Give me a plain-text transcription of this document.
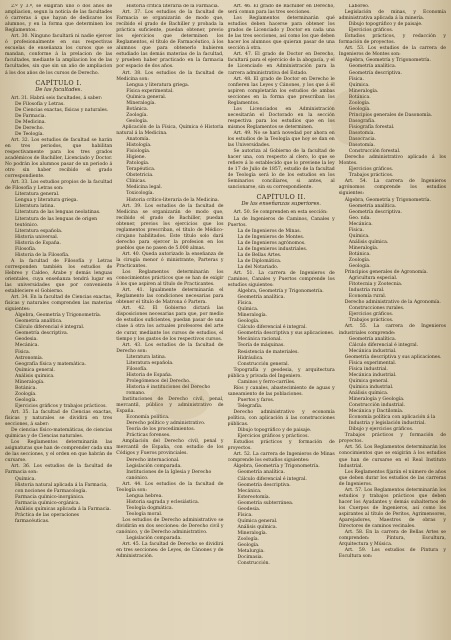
2.º y 3.º, se exigirán uno ó dos años de ampliacion, segun la noticia de las facultades ó carreras á que hayan de dedicarse los alumnos, y en la forma que determinen los Reglamentos.

Art. 30. Ninguno facultará ni nadie ejercer ó profesionalmente en sus respectivas escuelas de enseñanza los cursos que se mandan, conforme á la prelacion de las facultades, mediante la ampliacion los de las facultades, sin que sin un año de ampliacion á los dos años de los cursos de Derecho.

CAPÍTULO I.

De las facultades.

Art. 31. Habrá seis facultades, á saber:

De Filosofía y Letras.

De Ciencias exactas, físicas y naturales.

De Farmacia.

De Medicina.

De Derecho.

De Teología.

Art. 32. Los estudios de facultad se harán en tres periodos, que habilitan respectivamente para los tres grados académicos de Bachiller, Licenciado y Doctor. No podrán los alumnos pasar de un periodo á otro sin haber recibido el grado correspondiente.

Art. 33. Los estudios propios de la facultad de Filosofía y Letras son:

Literatura general.

Lengua y literatura griega.

Literatura latina.

Literatura de las lenguas neolatinas.

Literatura de las lenguas de origen teutónico.

Literatura española.

Historia universal.

Historia de España.

Filosofía.

Historia de la Filosofía.

A la facultad de Filosofía y Letras corresponden también los estudios de Hebreo y Caldeo, Árabe y demás lenguas orientales, cuya enseñanza tendrá lugar en las universidades que por conveniente estableciere el Gobierno.

Art. 34. En la facultad de Ciencias exactas, físicas y naturales comprenden las materias siguientes:

Álgebra, Geometría y Trigonometría.

Geometría analítica.

Cálculo diferencial é integral.

Geometría descriptiva.

Geodesia.

Mecánica.

Física.

Astronomía.

Geografía física y matemática.

Química general.

Análisis química.

Mineralogía.

Botánica.

Zoología.

Geología.

Ejercicios gráficos y trabajos prácticos.

Art. 35. La facultad de Ciencias exactas, físicas y naturales se dividirá en tres secciones, á saber:

De ciencias físico-matemáticas, de ciencias químicas y de Ciencias naturales.

Los Reglamentos determinarán las asignaturas que han de comprender cada una de las secciones, y el orden en que habrán de cursarse.

Art. 36. Los estudios de la facultad de Farmacia son:

Química.

Historia natural aplicada á la Farmacia, con nociones de Farmacología.

Farmacia químico-inorgánica.

Farmacia químico-orgánica.

Análisis químicas aplicada á la Farmacia.

Práctica de las operaciones farmacéuticas.

Historia crítica literaria de la Farmacia.

Art. 37. Los estudios de la facultad de Farmacia se organizarán de modo que, recibido el grado de Bachiller y probada la práctica suficiente, puedan obtener, previo los ejercicios que determinen los Reglamentos, el título de Farmacéutico, á los alumnos que para obtenerlo hubieren estudiado las demás materias de la facultad, y prueben haber practicado en la farmacia por espacio de dos años.

Art. 38. Los estudios de la facultad de Medicina son:

Lengua y literatura griega.

Física experimental.

Química general.

Mineralogía.

Botánica.

Zoología.

Geología.

Aplicación de la Física, Química é Historia natural á la Medicina.

Anatomía.

Histología.

Fisiología.

Higiene.

Patología.

Terapéutica.

Obstetricia.

Clínicas.

Medicina legal.

Toxicología.

Historia crítico-literaria de la Medicina.

Art. 39. Los estudios de la facultad de Medicina se organizarán de modo que, recibido el grado de Bachiller, puedan obtener, previos los ejercicios que los reglamentos prescriban, el título de Médico-cirujano habilitados. Este título solo dará derecho para ejercer la profesion en los pueblos que no pasen de 5.000 almas.

Art. 40. Queda autorizado la enseñanza de la cirugía menor ó ministrante, Parteras y Practicantes.

Los Reglamentos determinarán los conocimientos prácticos que se han de exigir á los que aspiren al título de Practicantes.

Art. 41. Igualmente determinarán el Reglamento las condiciones necesarias para obtener el título de Matrona ó Partera.

Art. 42. El Gobierno dictará las disposiciones necesarias para que, por medio de estudios suficientes, puedan pasar de una clase á otra los actuales profesores del arte de curar, mediante los cursos de estudios, el tiempo y los gastos de los respectivos cursos.

Art. 43. Los estudios de la facultad de Derecho son:

Literatura latina.

Literatura española.

Filosofía.

Historia de España.

Prolegómenos del Derecho.

Historia é instituciones del Derecho romano.

Instituciones de Derecho civil, penal, mercantil, público y administrativo de España.

Economía política.

Derecho político y administrativo.

Teoría de los procedimientos.

Prácticas forenses.

Ampliación del Derecho civil, penal y mercantil de España, con estudio de los Códigos y Fueros provinciales.

Derecho internacional.

Legislación comparada.

Instituciones de la Iglesia y Derecho canónico.

Art. 44. Los estudios de la facultad de Teología son:

Lengua hebrea.

Historia sagrada y eclesiástica.

Teología dogmática.

Teología moral.

Los estudios de Derecho administrativo se dividirán en dos secciones: de Derecho civil y canónico, y de Derecho administrativo.

Legislación comparada.

Art. 45. La facultad de Derecho se dividirá en tres secciones: de Leyes, de Cánones y de Administración.

Art. 46. El grado de Bachiller en Derecho, será comun para las tres secciones.

Los Reglamentos determinarán qué estudios deben hacerse para obtener los grados de Licenciado y Doctor en cada una de las tres secciones, así como los que deben hacer los alumnos que quieran pasar de una sección á otra.

Art. 47. El grado de Doctor en Derecho, facultará para el ejercicio de la abogacía, y el de Licenciado en Administración para la carrera administrativa del Estado.

Art. 48. El grado de Doctor en Derecho le confieren las Leyes y Cánones, y los que á él aspiren completarán los estudios de ambas secciones en la forma que prescriban los Reglamentos.

Los Licenciados en Administración necesitarán el Doctorado en la sección respectiva para los estudios que en los mismos Reglamentos se determinen.

Art. 49. No se hará novedad por ahora en los estudios de la Teología que hoy se dan en las Universidades.

Se autoriza al Gobierno de la facultad de hacer una, con respecto al clero, lo que se refiere á lo establecido que lo previene la ley de 17 de Julio de 1857, estudio de la facultad de Teología será lo de los estudios en los Seminarios conciliares, si antes, al sancionarse, sin su correspondiente.

CAPÍTULO II.

De las enseñanzas superiores.

Art. 50. Se comprenden en esta sección:

La de Ingenieros de Caminos, Canales y Puertos.

La de Ingenieros de Minas.

La de Ingenieros de Montes.

La de Ingenieros agrónomos.

La de Ingenieros industriales.

La de Bellas Artes.

La de Diplomática.

La del Notariado.

Art. 51. La carrera de Ingenieros de Caminos, Canales y Puertos comprende los estudios siguientes:

Álgebra, Geometría y Trigonometría.

Geometría analítica.

Física.

Química.

Mineralogía.

Geología.

Cálculo diferencial é integral.

Geometría descriptiva y sus aplicaciones.

Mecánica racional.

Teoría de máquinas.

Resistencia de materiales.

Hidráulica.

Construcción general.

Topografía y geodesia, y arquitectura pública y privada del Ingeniero.

Caminos y ferro-carriles.

Ríos y canales, abastecimiento de aguas y saneamiento de las poblaciones.

Puertos y faros.

Telegrafía.

Derecho administrativo y economía política, con aplicación á las construcciones públicas.

Dibujo topográfico y de paisaje.

Ejercicios gráficos y prácticos.

Estudios prácticos y formación de proyectos.

Art. 52. La carrera de Ingenieros de Minas comprende los estudios siguientes:

Álgebra, Geometría y Trigonometría.

Geometría analítica.

Cálculo diferencial é integral.

Geometría descriptiva.

Mecánica.

Estereotomía.

Geometría subterránea.

Geodesia.

Física.

Química general.

Análisis química.

Mineralogía.

Zoología.

Geología.

Metalurgia.

Docimasia.

Construcción.

Laboreo.

Legislación de minas, y Economía administrativa aplicada á la minería.

Dibujo topográfico y de paisaje.

Ejercicios gráficos.

Estudios prácticos, y redacción y formación de proyectos.

Art. 53. Los estudios de la carrera de Ingenieros de Montes son:

Álgebra, Geometría y Trigonometría.

Geometría analítica.

Geometría descriptiva.

Física.

Química.

Mineralogía.

Botánica.

Zoología.

Geología.

Principios generales de Dasonomía.

Dasografía.

Fisiografía forestal.

Dasotomía.

Dasocracia.

Dasotomía.

Construcción forestal.

Derecho administrativo aplicado á los Montes.

Ejercicios gráficos.

Trabajos prácticos.

Art. 54. La carrera de Ingenieros agrónomos comprende los estudios siguientes:

Álgebra, Geometría y Trigonometría.

Geometría analítica.

Geometría descriptiva.

Geo. nda.

Mecánica.

Física.

Química.

Análisis química.

Mineralogía.

Botánica.

Zoología.

Geología.

Principios generales de Agronomía.

Agricultura especial.

Fitotecnia y Zootecnia.

Industria rural.

Economía rural.

Derecho administrativo de la Agronomía.

Construcciones rurales.

Ejercicios gráficos.

Trabajos prácticos.

Art. 55. La carrera de Ingenieros industriales comprende:

Geometría analítica.

Cálculo diferencial é integral.

Mecánica industrial.

Geometría descriptiva y sus aplicaciones.

Física experimental.

Física industrial.

Mecánica industrial.

Química general.

Química industrial.

Análisis química.

Mineralogía y Geología.

Construcción industrial.

Mecánica y Dactilomía.

Economía política con aplicación á la Industria y legislación industrial.

Dibujo y ejercicios gráficos.

Trabajos prácticos y formación de proyectos.

Art. 56. Los Reglamentos determinarán los conocimientos que se exigirán á los estudios que han de cursarse en el Real Instituto Industrial.

Los Reglamentos fijarán el número de años que deben durar los estudios de las carreras de Ingenieros.

Art. 57. Los Reglamentos determinarán los estudios y trabajos prácticos que deben hacer los Ayudantes y demás subalternos de los Cuerpos de Ingenieros, así como los aspirantes al título de Peritos, Agrimensores, Aparejadores, Maestros de obras y Directores de caminos vecinales.

Art. 58. En la carrera de Bellas Artes se comprenden: Pintura, Escultura, Arquitectura y Música.

Art. 59. Los estudios de Pintura y Escultura son:
